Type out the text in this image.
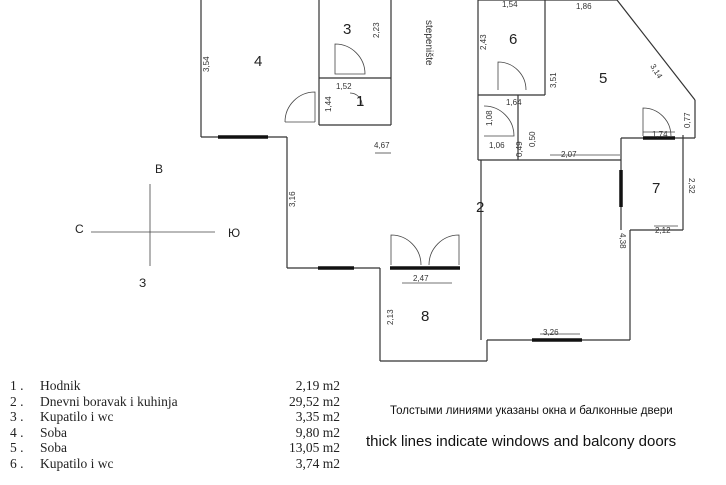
1
2
3
4
5
6
7
8
stepenište
3,54
2,23
1,52
1,44
4,67
1,54	1,86
2,43
3,14
3,51
1,64
1,08
1,06 0,49
0,50
2,07
1,74
0,77
2,32
2,12
4,38
3,16
2,47
2,13
3,26
В
С	Ю
З
1 . Hodnik	2,19 m2
2 . Dnevni boravak i kuhinja	29,52 m2
3 . Kupatilo i wc	3,35 m2
4 . Soba	9,80 m2
5 . Soba	13,05 m2
6 . Kupatilo i wc	3,74 m2
Толстыми линиями указаны окна и балконные двери
thick lines indicate windows and balcony doors
